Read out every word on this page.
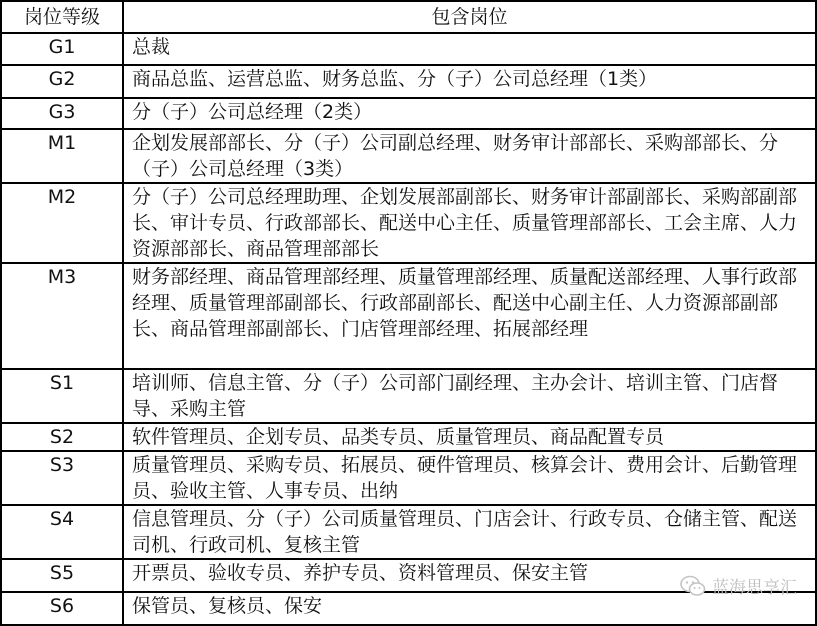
岗位等级	包含岗位
G1	总裁
G2	商品总监、运营总监、财务总监、分（子）公司总经理（1类）
G3	分（子）公司总经理（2类）
M1	企划发展部部长、分（子）公司副总经理、财务审计部部长、采购部部长、分（子）公司总经理（3类）
M2	分（子）公司总经理助理、企划发展部副部长、财务审计部副部长、采购部副部长、审计专员、行政部部长、配送中心主任、质量管理部部长、工会主席、人力资源部部长、商品管理部部长
M3	财务部经理、商品管理部经理、质量管理部经理、质量配送部经理、人事行政部经理、质量管理部副部长、行政部副部长、配送中心副主任、人力资源部副部长、商品管理部副部长、门店管理部经理、拓展部经理
S1	培训师、信息主管、分（子）公司部门副经理、主办会计、培训主管、门店督导、采购主管
S2	软件管理员、企划专员、品类专员、质量管理员、商品配置专员
S3	质量管理员、采购专员、拓展员、硬件管理员、核算会计、费用会计、后勤管理员、验收主管、人事专员、出纳
S4	信息管理员、分（子）公司质量管理员、门店会计、行政专员、仓储主管、配送司机、行政司机、复核主管
S5	开票员、验收专员、养护专员、资料管理员、保安主管
S6	保管员、复核员、保安
蓝海思享汇
